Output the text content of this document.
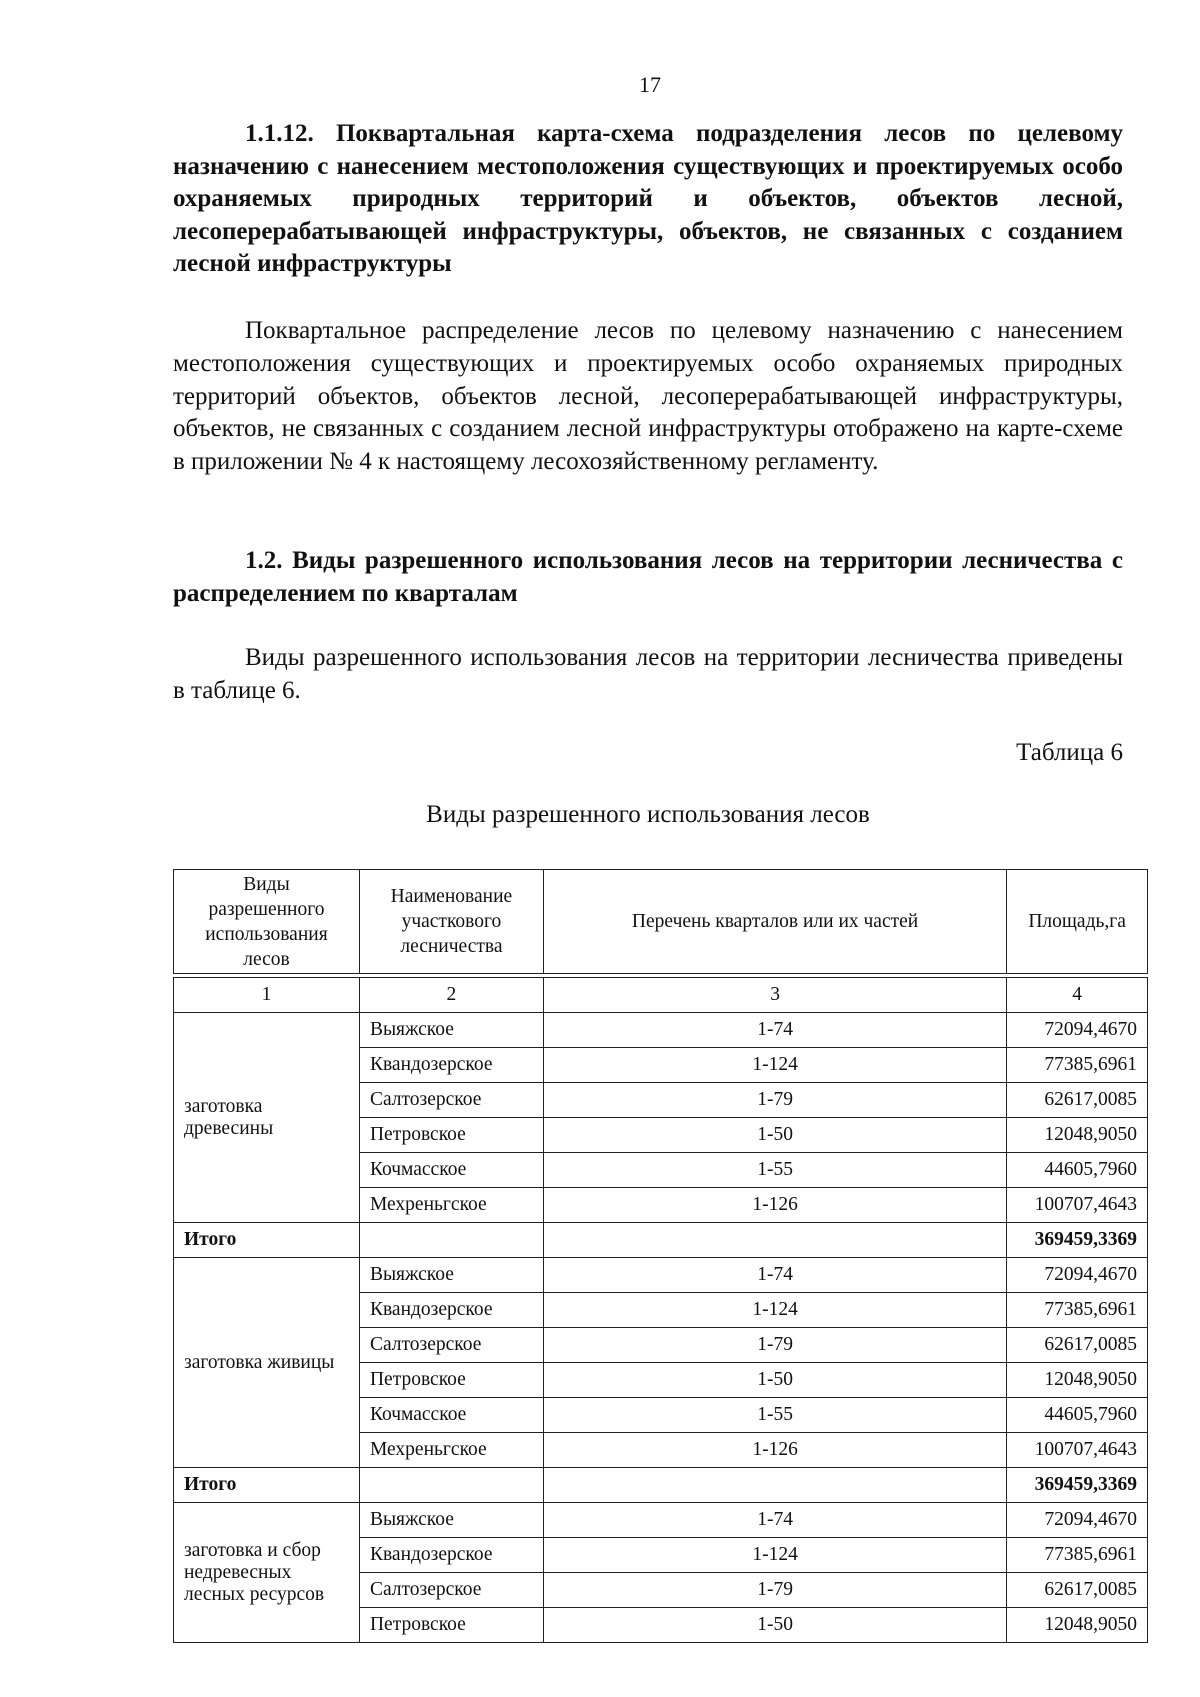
17
1.1.12. Поквартальная карта-схема подразделения лесов по целевому назначению с нанесением местоположения существующих и проектируемых особо охраняемых природных территорий и объектов, объектов лесной, лесоперерабатывающей инфраструктуры, объектов, не связанных с созданием лесной инфраструктуры
Поквартальное распределение лесов по целевому назначению с нанесением местоположения существующих и проектируемых особо охраняемых природных территорий объектов, объектов лесной, лесоперерабатывающей инфраструктуры, объектов, не связанных с созданием лесной инфраструктуры отображено на карте-схеме в приложении № 4 к настоящему лесохозяйственному регламенту.
1.2. Виды разрешенного использования лесов на территории лесничества с распределением по кварталам
Виды разрешенного использования лесов на территории лесничества приведены в таблице 6.
Таблица 6
Виды разрешенного использования лесов
Виды разрешенного использования лесов	Наименование участкового лесничества	Перечень кварталов или их частей	Площадь,га
1	2	3	4
заготовка древесины	Выяжское	1-74	72094,4670
	Квандозерское	1-124	77385,6961
	Салтозерское	1-79	62617,0085
	Петровское	1-50	12048,9050
	Кочмасское	1-55	44605,7960
	Мехреньгское	1-126	100707,4643
Итого			369459,3369
заготовка живицы	Выяжское	1-74	72094,4670
	Квандозерское	1-124	77385,6961
	Салтозерское	1-79	62617,0085
	Петровское	1-50	12048,9050
	Кочмасское	1-55	44605,7960
	Мехреньгское	1-126	100707,4643
Итого			369459,3369
заготовка и сбор недревесных лесных ресурсов	Выяжское	1-74	72094,4670
	Квандозерское	1-124	77385,6961
	Салтозерское	1-79	62617,0085
	Петровское	1-50	12048,9050
